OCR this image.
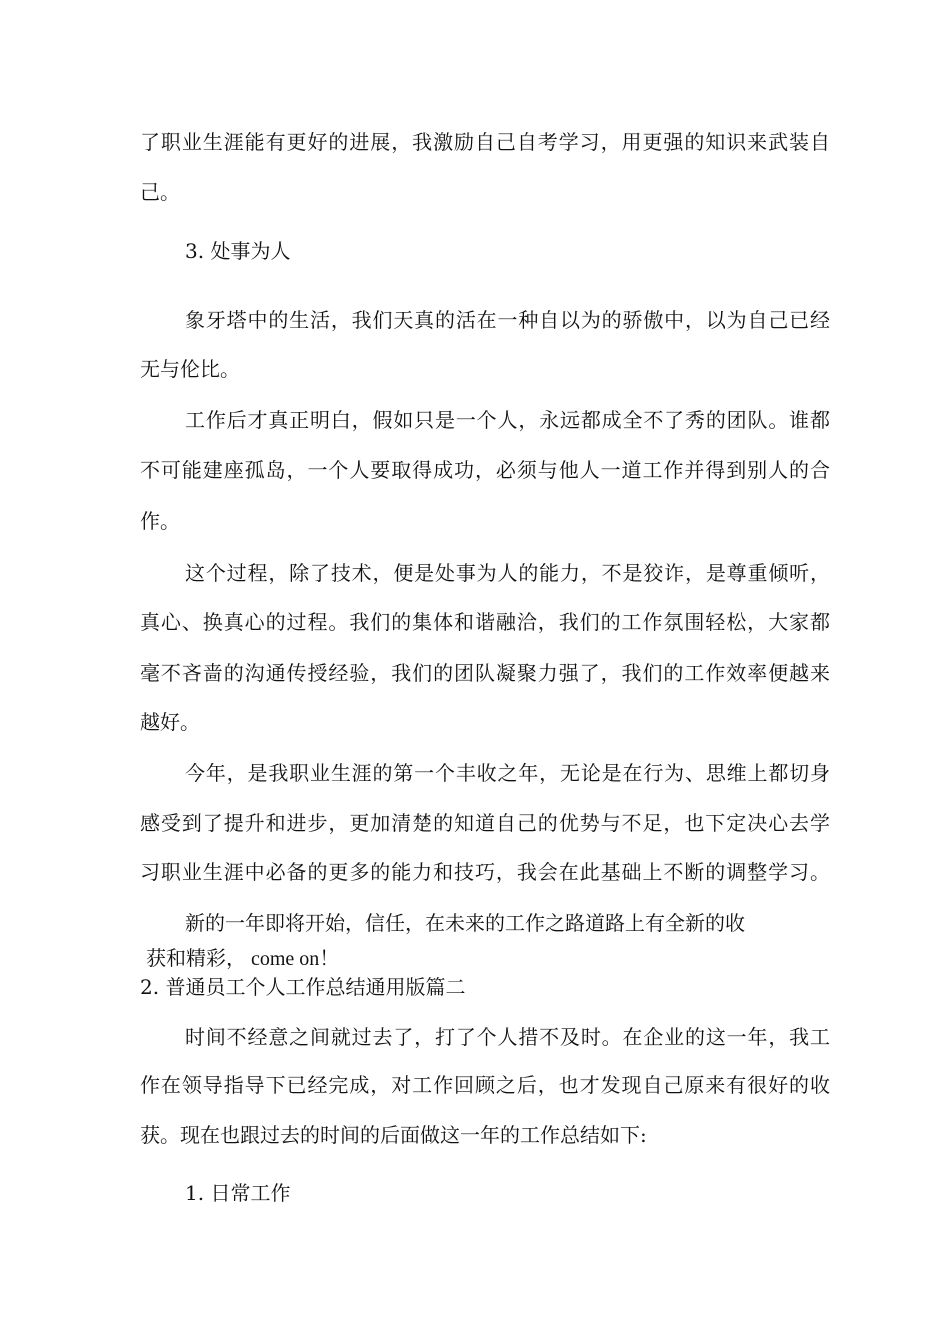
了职业生涯能有更好的进展，我激励自己自考学习，用更强的知识来武装自

己。

3. 处事为人

象牙塔中的生活，我们天真的活在一种自以为的骄傲中，以为自己已经

无与伦比。

工作后才真正明白，假如只是一个人，永远都成全不了秀的团队。谁都

不可能建座孤岛，一个人要取得成功，必须与他人一道工作并得到别人的合

作。

这个过程，除了技术，便是处事为人的能力，不是狡诈，是尊重倾听，

真心、换真心的过程。我们的集体和谐融洽，我们的工作氛围轻松，大家都

毫不吝啬的沟通传授经验，我们的团队凝聚力强了，我们的工作效率便越来

越好。

今年，是我职业生涯的第一个丰收之年，无论是在行为、思维上都切身

感受到了提升和进步，更加清楚的知道自己的优势与不足，也下定决心去学

习职业生涯中必备的更多的能力和技巧，我会在此基础上不断的调整学习。

新的一年即将开始，信任，在未来的工作之路道路上有全新的收

获和精彩， come on！

2. 普通员工个人工作总结通用版篇二

时间不经意之间就过去了，打了个人措不及时。在企业的这一年，我工

作在领导指导下已经完成，对工作回顾之后，也才发现自己原来有很好的收

获。现在也跟过去的时间的后面做这一年的工作总结如下:

1. 日常工作
